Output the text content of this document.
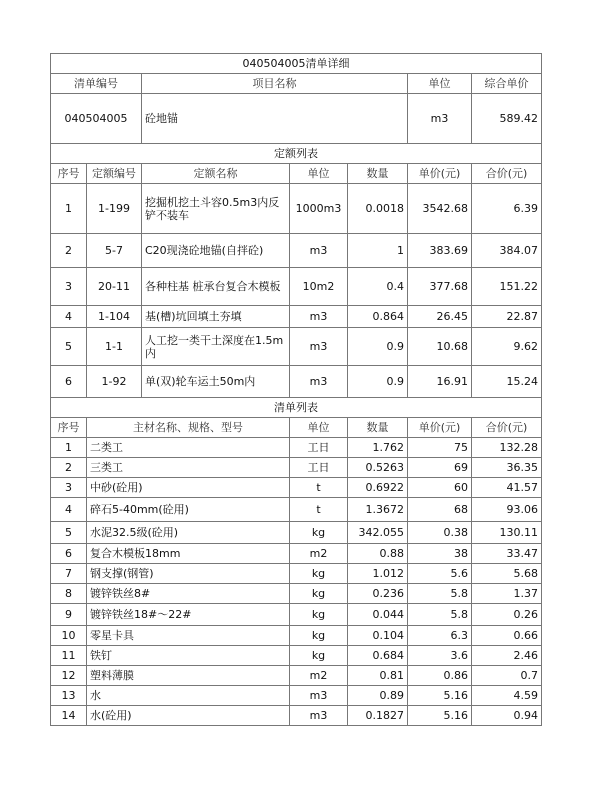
040504005清单详细						
清单编号		项目名称			单位	综合单价
040504005		砼地锚			m3	589.42
定额列表						
序号	定额编号	定额名称	单位	数量	单价(元)	合价(元)
1	1-199	挖掘机挖土斗容0.5m3内反铲不装车	1000m3	0.0018	3542.68	6.39
2	5-7	C20现浇砼地锚(自拌砼)	m3	1	383.69	384.07
3	20-11	各种柱基 桩承台复合木模板	10m2	0.4	377.68	151.22
4	1-104	基(槽)坑回填土夯填	m3	0.864	26.45	22.87
5	1-1	人工挖一类干土深度在1.5m内	m3	0.9	10.68	9.62
6	1-92	单(双)轮车运土50m内	m3	0.9	16.91	15.24
清单列表						
序号	主材名称、规格、型号		单位	数量	单价(元)	合价(元)
1	二类工		工日	1.762	75	132.28
2	三类工		工日	0.5263	69	36.35
3	中砂(砼用)		t	0.6922	60	41.57
4	碎石5-40mm(砼用)		t	1.3672	68	93.06
5	水泥32.5级(砼用)		kg	342.055	0.38	130.11
6	复合木模板18mm		m2	0.88	38	33.47
7	钢支撑(钢管)		kg	1.012	5.6	5.68
8	镀锌铁丝8#		kg	0.236	5.8	1.37
9	镀锌铁丝18#～22#		kg	0.044	5.8	0.26
10	零星卡具		kg	0.104	6.3	0.66
11	铁钉		kg	0.684	3.6	2.46
12	塑料薄膜		m2	0.81	0.86	0.7
13	水		m3	0.89	5.16	4.59
14	水(砼用)		m3	0.1827	5.16	0.94
